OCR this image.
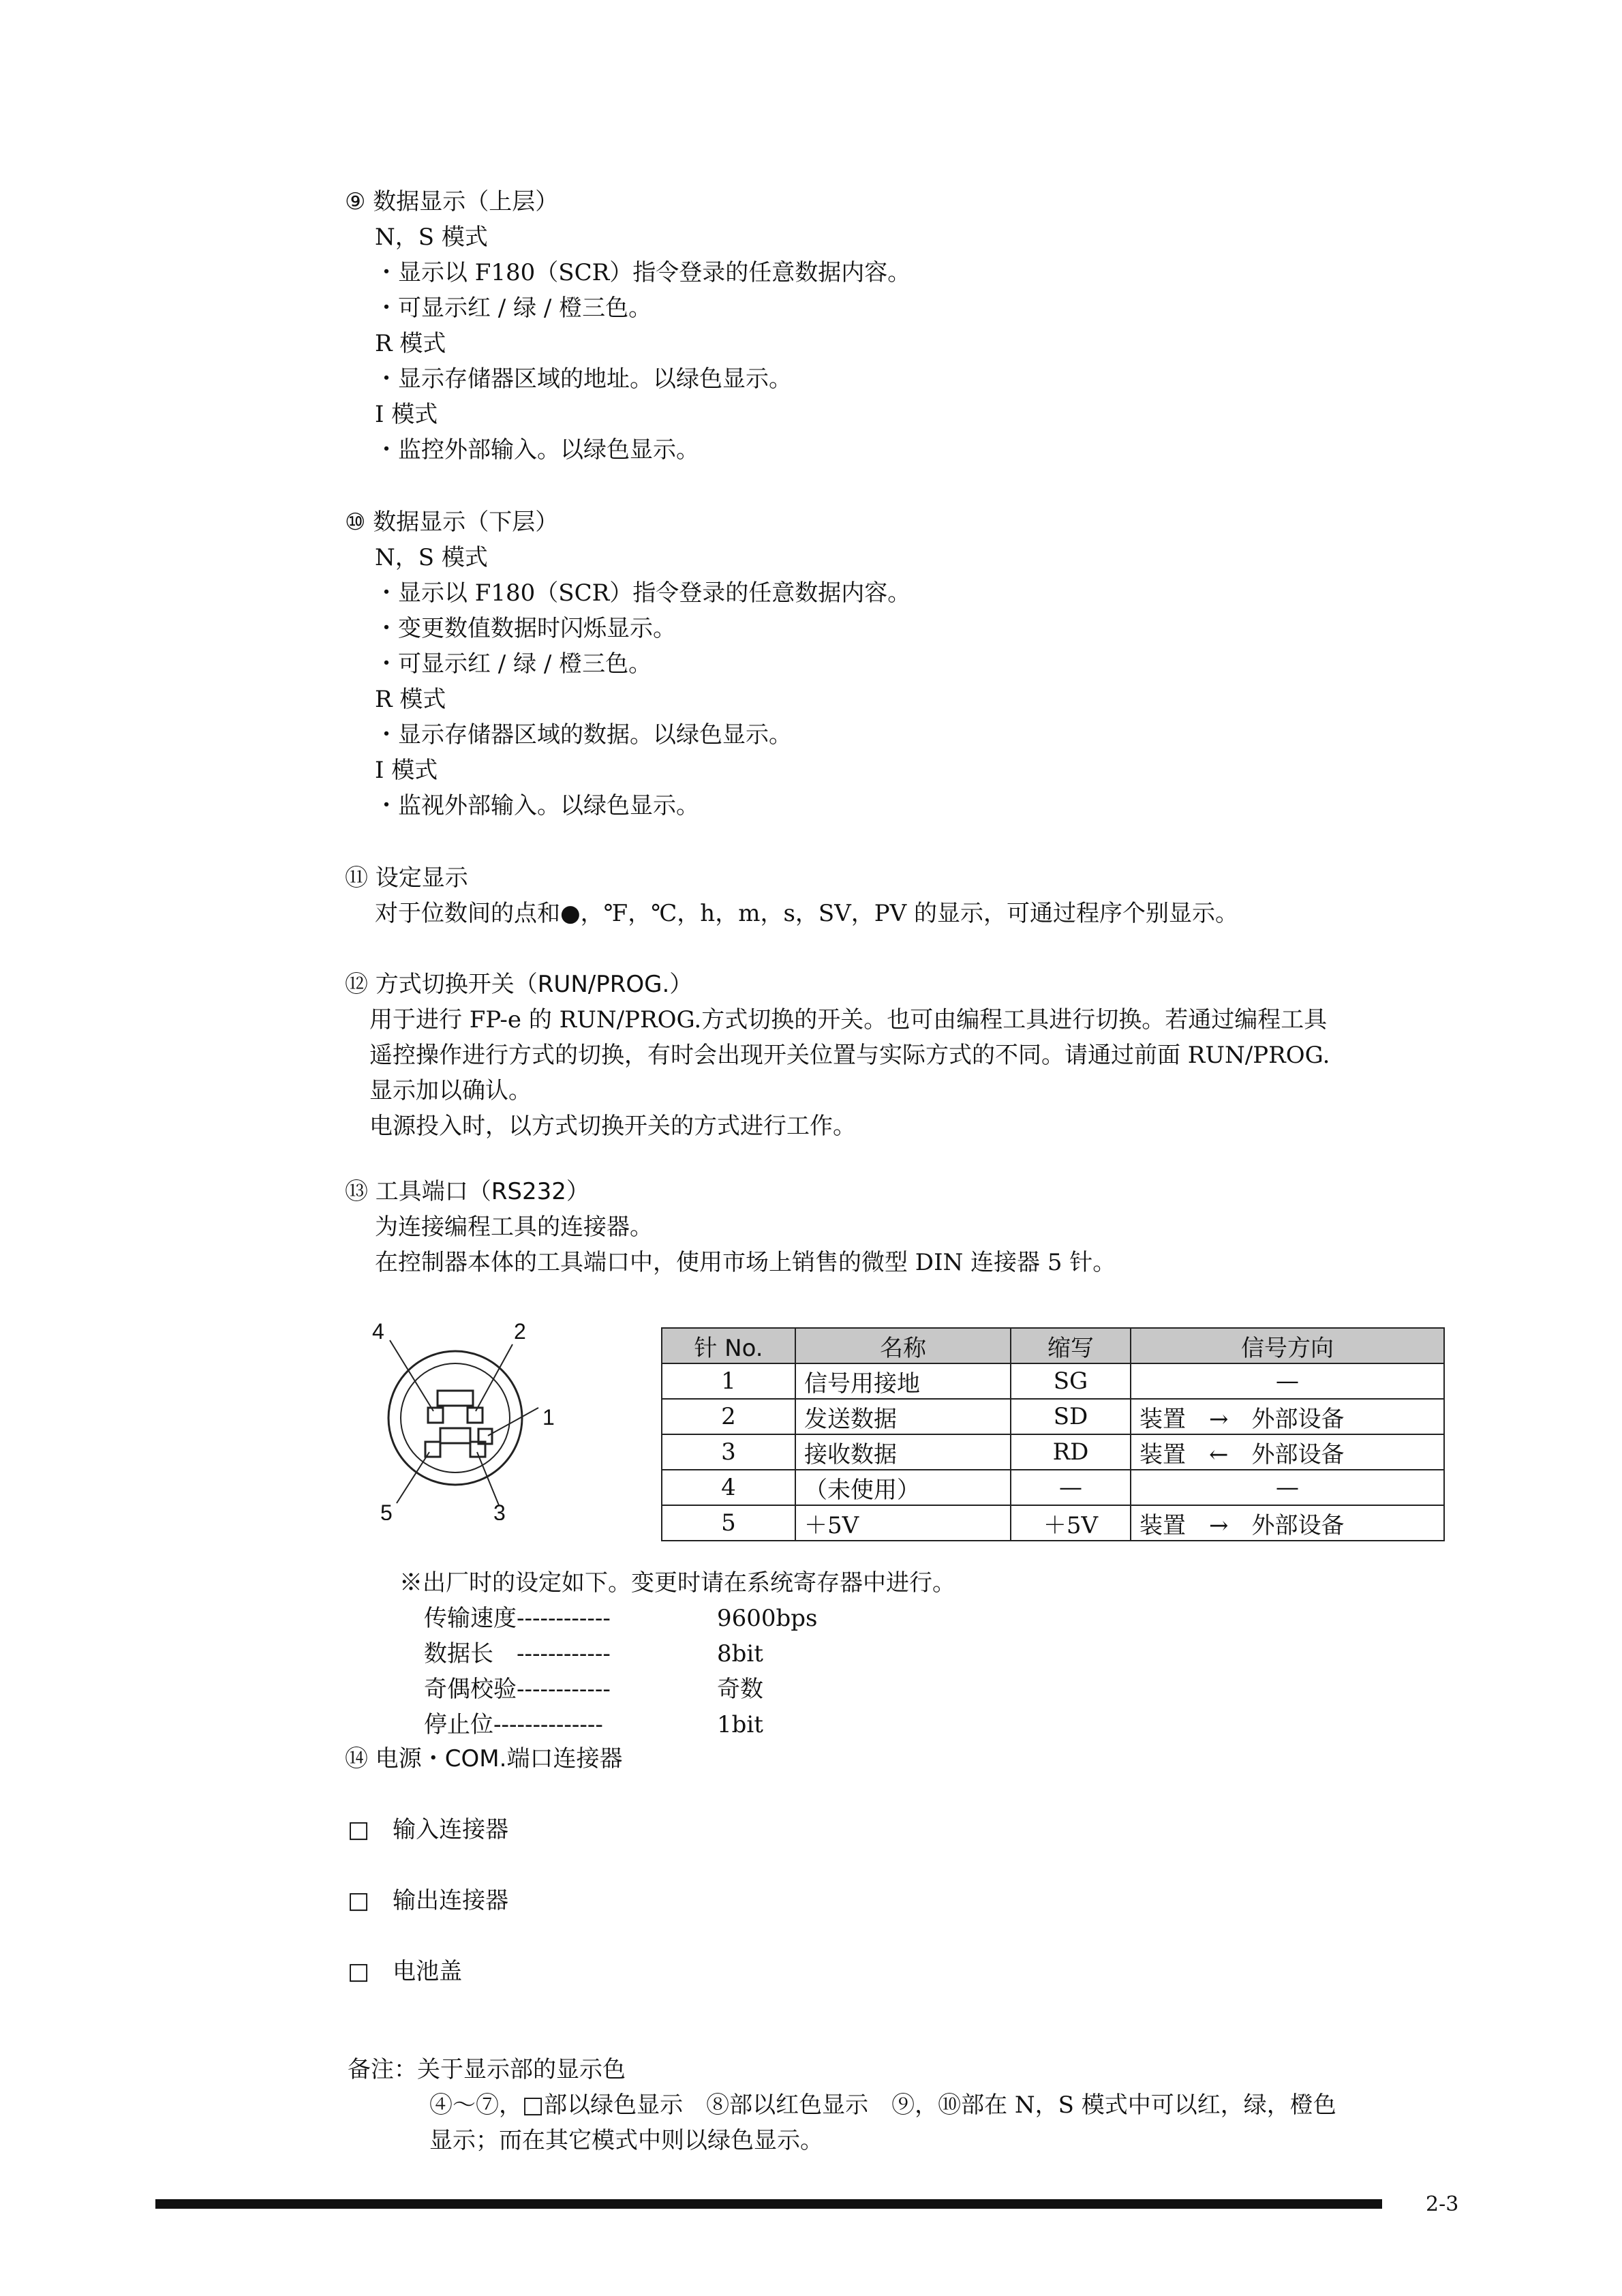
⑨ 数据显示（上层）
N，S 模式
・显示以 F180（SCR）指令登录的任意数据内容。
・可显示红 / 绿 / 橙三色。
R 模式
・显示存储器区域的地址。以绿色显示。
I 模式
・监控外部输入。以绿色显示。
⑩ 数据显示（下层）
N，S 模式
・显示以 F180（SCR）指令登录的任意数据内容。
・变更数值数据时闪烁显示。
・可显示红 / 绿 / 橙三色。
R 模式
・显示存储器区域的数据。以绿色显示。
I 模式
・监视外部输入。以绿色显示。
⑪ 设定显示
对于位数间的点和●，℉，℃，h，m，s，SV，PV 的显示，可通过程序个别显示。
⑫ 方式切换开关（RUN/PROG.）
用于进行 FP-e 的 RUN/PROG.方式切换的开关。也可由编程工具进行切换。若通过编程工具
遥控操作进行方式的切换，有时会出现开关位置与实际方式的不同。请通过前面 RUN/PROG.
显示加以确认。
电源投入时，以方式切换开关的方式进行工作。
⑬ 工具端口（RS232）
为连接编程工具的连接器。
在控制器本体的工具端口中，使用市场上销售的微型 DIN 连接器 5 针。
4	2
1
5	3
针 No.	名称	缩写	信号方向
1	信号用接地	SG	—
2	发送数据	SD	装置　→　外部设备
3	接收数据	RD	装置　←　外部设备
4	（未使用）	—	—
5	＋5V	＋5V	装置　→　外部设备
※出厂时的设定如下。变更时请在系统寄存器中进行。
传输速度------------	9600bps
数据长　------------	8bit
奇偶校验------------	奇数
停止位--------------	1bit
⑭ 电源・COM.端口连接器
□　输入连接器
□　输出连接器
□　电池盖
备注：关于显示部的显示色
④～⑦，□部以绿色显示　⑧部以红色显示　⑨，⑩部在 N，S 模式中可以红，绿，橙色
显示；而在其它模式中则以绿色显示。
2-3
